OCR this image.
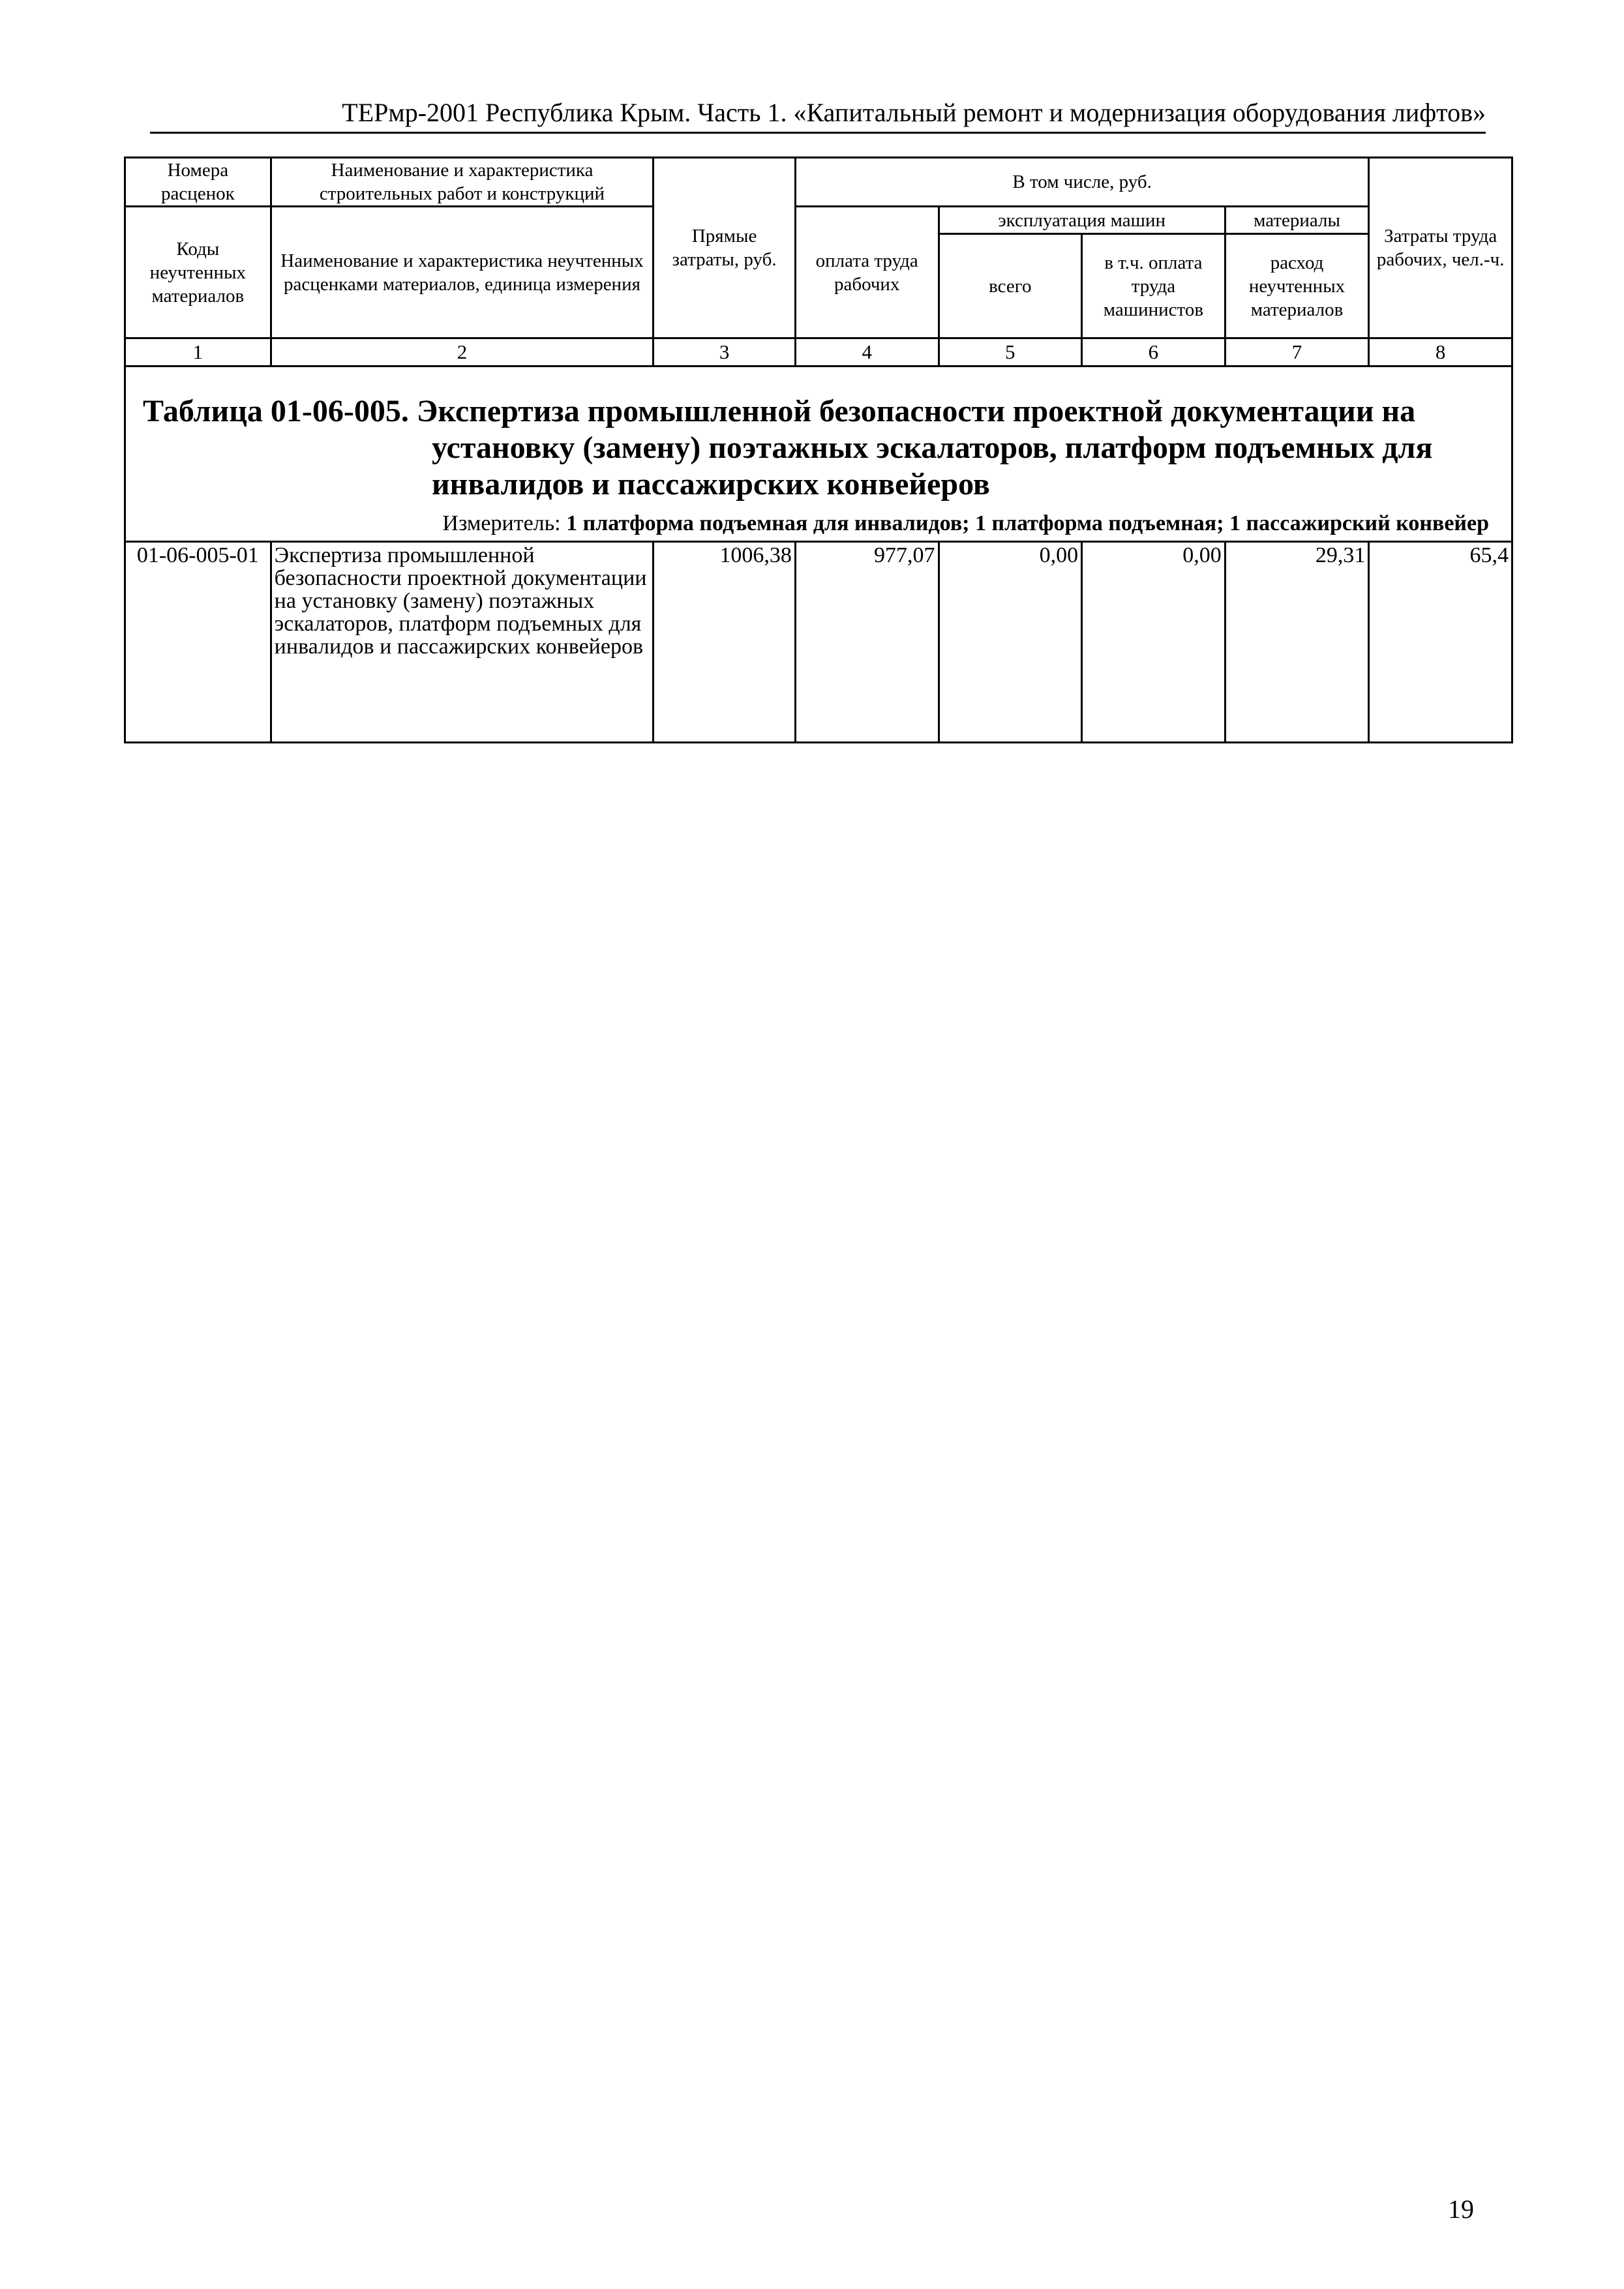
ТЕРмр-2001 Республика Крым. Часть 1. «Капитальный ремонт и модернизация оборудования лифтов»
Номера расценок	Наименование и характеристика строительных работ и конструкций	Прямые затраты, руб.	В том числе, руб.				Затраты труда рабочих, чел.-ч.
Коды неучтенных материалов	Наименование и характеристика неучтенных расценками материалов, единица измерения		оплата труда рабочих	эксплуатация машин		материалы	
				всего	в т.ч. оплата труда машинистов	расход неучтенных материалов	
1	2	3	4	5	6	7	8

Таблица 01-06-005. Экспертиза промышленной безопасности проектной документации на установку (замену) поэтажных эскалаторов, платформ подъемных для инвалидов и пассажирских конвейеров
Измеритель: 1 платформа подъемная для инвалидов; 1 платформа подъемная; 1 пассажирский конвейер							

01-06-005-01	Экспертиза промышленной безопасности проектной документации на установку (замену) поэтажных эскалаторов, платформ подъемных для инвалидов и пассажирских конвейеров	1006,38	977,07	0,00	0,00	29,31	65,4
19
